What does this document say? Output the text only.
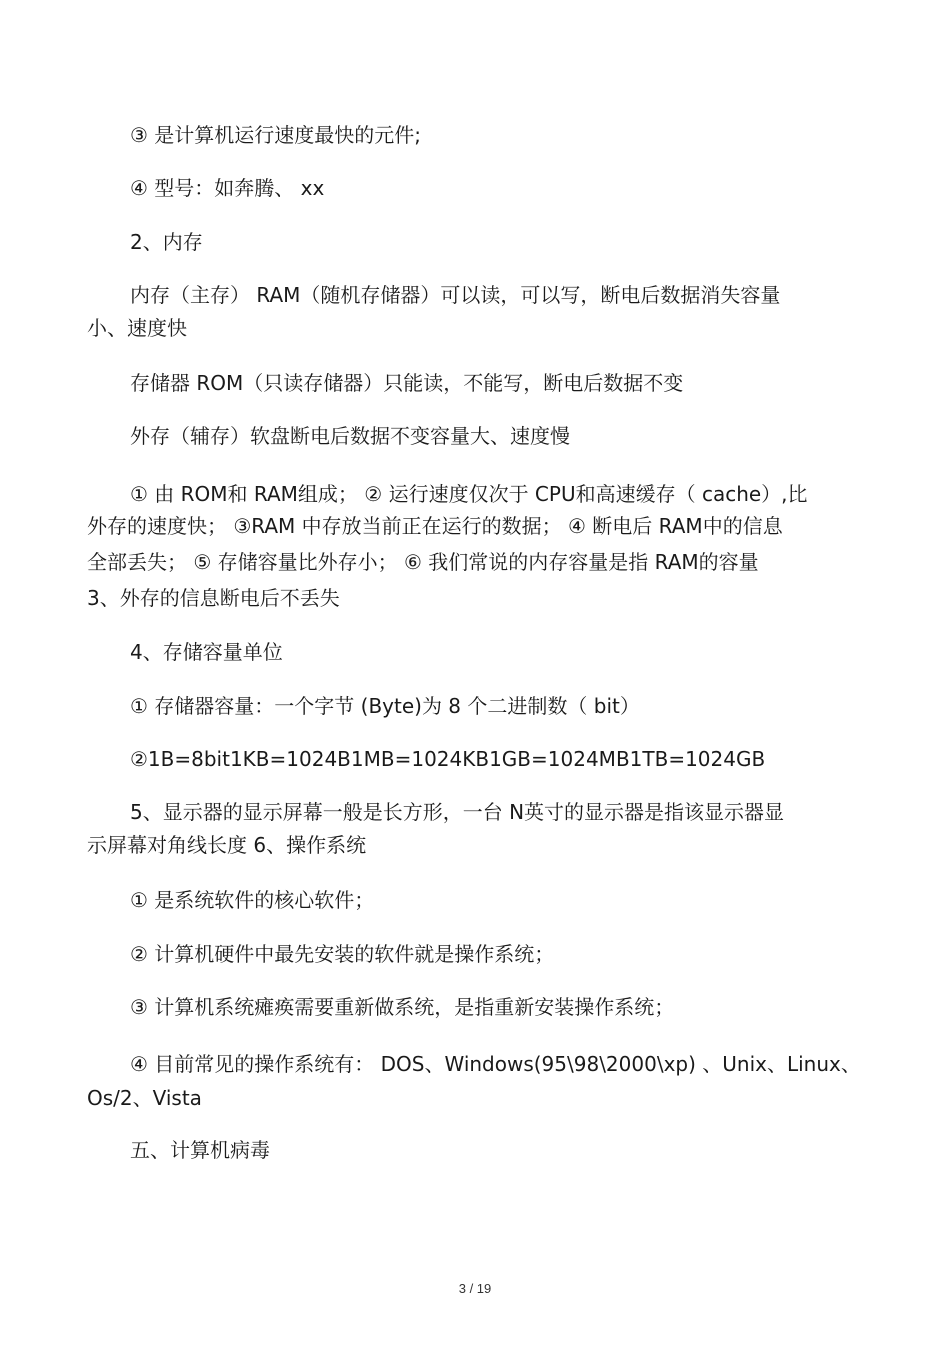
③ 是计算机运行速度最快的元件;
④ 型号：如奔腾、 xx
2、内存
内存（主存） RAM（随机存储器）可以读，可以写，断电后数据消失容量
小、速度快
存储器 ROM（只读存储器）只能读，不能写，断电后数据不变
外存（辅存）软盘断电后数据不变容量大、速度慢
① 由 ROM和 RAM组成； ② 运行速度仅次于 CPU和高速缓存（ cache）,比
外存的速度快； ③RAM 中存放当前正在运行的数据； ④ 断电后 RAM中的信息
全部丢失； ⑤ 存储容量比外存小； ⑥ 我们常说的内存容量是指 RAM的容量
3、外存的信息断电后不丢失
4、存储容量单位
① 存储器容量：一个字节 (Byte)为 8 个二进制数（ bit）
②1B=8bit1KB=1024B1MB=1024KB1GB=1024MB1TB=1024GB
5、显示器的显示屏幕一般是长方形，一台 N英寸的显示器是指该显示器显
示屏幕对角线长度 6、操作系统
① 是系统软件的核心软件；
② 计算机硬件中最先安装的软件就是操作系统；
③ 计算机系统瘫痪需要重新做系统，是指重新安装操作系统；
④ 目前常见的操作系统有： DOS、Windows(95\98\2000\xp) 、Unix、Linux、
Os/2、Vista
五、计算机病毒
3 / 19
